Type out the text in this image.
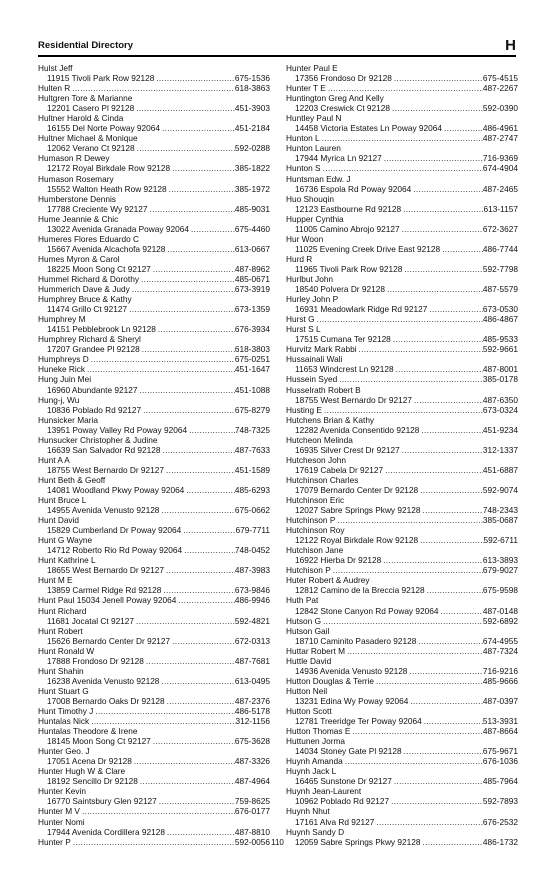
Residential Directory	H
Hulst Jeff
11915 Tivoli Park Row 92128 . . .	675-1536
Hulten R . . .	618-3863
Hultgren Tore & Marianne
12201 Casero Pl 92128 . . .	451-3903
Hultner Harold & Cinda
16155 Del Norte Poway 92064 . . .	451-2184
Hultner Michael & Monique
12062 Verano Ct 92128 . . .	592-0288
Humason R Dewey
12172 Royal Birkdale Row 92128 . . .	385-1822
Humason Rosemary
15552 Walton Heath Row 92128 . . .	385-1972
Humberstone Dennis
17788 Creciente Wy 92127 . . .	485-9031
Hume Jeannie & Chic
13022 Avenida Granada Poway 92064 . . .	675-4460
Humeres Flores Eduardo C
15667 Avenida Alcachofa 92128 . . .	613-0667
Humes Myron & Carol
18225 Moon Song Ct 92127 . . .	487-8962
Hummel Richard & Dorothy . . .	485-0671
Hummerich Dave & Judy . . .	673-3919
Humphrey Bruce & Kathy
11474 Grillo Ct 92127 . . .	673-1359
Humphrey M
14151 Pebblebrook Ln 92128 . . .	676-3934
Humphrey Richard & Sheryl
17207 Grandee Pl 92128 . . .	618-3803
Humphreys D . . .	675-0251
Huneke Rick . . .	451-1647
Hung Juin Mei
16960 Abundante 92127 . . .	451-1088
Hung-j, Wu
10836 Poblado Rd 92127 . . .	675-8279
Hunsicker Maria
13951 Poway Valley Rd Poway 92064 . . .	748-7325
Hunsucker Christopher & Judine
16639 San Salvador Rd 92128 . . .	487-7633
Hunt A A
18755 West Bernardo Dr 92127 . . .	451-1589
Hunt Beth & Geoff
14081 Woodland Pkwy Poway 92064 . . .	485-6293
Hunt Bruce L
14955 Avenida Venusto 92128 . . .	675-0662
Hunt David
15829 Cumberland Dr Poway 92064 . . .	679-7711
Hunt G Wayne
14712 Roberto Rio Rd Poway 92064 . . .	748-0452
Hunt Kathrine L
18655 West Bernardo Dr 92127 . . .	487-3983
Hunt M E
13859 Carmel Ridge Rd 92128 . . .	673-9846
Hunt Paul 15034 Jenell Poway 92064 . . .	486-9946
Hunt Richard
11681 Jocatal Ct 92127 . . .	592-4821
Hunt Robert
15626 Bernardo Center Dr 92127 . . .	672-0313
Hunt Ronald W
17888 Frondoso Dr 92128 . . .	487-7681
Hunt Shahin
16238 Avenida Venusto 92128 . . .	613-0495
Hunt Stuart G
17008 Bernardo Oaks Dr 92128 . . .	487-2376
Hunt Timothy J . . .	486-5178
Huntalas Nick . . .	312-1156
Huntalas Theodore & Irene
18145 Moon Song Ct 92127 . . .	675-3628
Hunter Geo. J
17051 Acena Dr 92128 . . .	487-3326
Hunter Hugh W & Clare
18192 Sencillo Dr 92128 . . .	487-4964
Hunter Kevin
16770 Saintsbury Glen 92127 . . .	759-8625
Hunter M V . . .	676-0177
Hunter Nomi
17944 Avenida Cordillera 92128 . . .	487-8810
Hunter P . . .	592-0056
Hunter Paul E
17356 Frondoso Dr 92128 . . .	675-4515
Hunter T E . . .	487-2267
Huntington Greg And Kelly
12203 Creswick Ct 92128 . . .	592-0390
Huntley Paul N
14458 Victoria Estates Ln Poway 92064 . . .	486-4961
Hunton L . . .	487-2747
Hunton Lauren
17944 Myrica Ln 92127 . . .	716-9369
Hunton S . . .	674-4904
Huntsman Edw. J
16736 Espola Rd Poway 92064 . . .	487-2465
Huo Shouqin
12123 Eastbourne Rd 92128 . . .	613-1157
Hupper Cynthia
11005 Camino Abrojo 92127 . . .	672-3627
Hur Woon
11025 Evening Creek Drive East 92128 . . .	486-7744
Hurd R
11965 Tivoli Park Row 92128 . . .	592-7798
Hurlbut John
18540 Polvera Dr 92128 . . .	487-5579
Hurley John P
16931 Meadowlark Ridge Rd 92127 . . .	673-0530
Hurst G . . .	486-4867
Hurst S L
17515 Cumana Ter 92128 . . .	485-9533
Hurvitz Mark Rabbi . . .	592-9661
Hussainali Wali
11653 Windcrest Ln 92128 . . .	487-8001
Hussein Syed . . .	385-0178
Husselrath Robert B
18755 West Bernardo Dr 92127 . . .	487-6350
Husting E . . .	673-0324
Hutchens Brian & Kathy
12282 Avenida Consentido 92128 . . .	451-9234
Hutcheon Melinda
16935 Silver Crest Dr 92127 . . .	312-1337
Hutcheson John
17619 Cabela Dr 92127 . . .	451-6887
Hutchinson Charles
17079 Bernardo Center Dr 92128 . . .	592-9074
Hutchinson Eric
12027 Sabre Springs Pkwy 92128 . . .	748-2343
Hutchinson P . . .	385-0687
Hutchinson Roy
12122 Royal Birkdale Row 92128 . . .	592-6711
Hutchison Jane
16922 Hierba Dr 92128 . . .	613-3893
Hutchison P . . .	679-9027
Huter Robert & Audrey
12812 Camino de la Breccia 92128 . . .	675-9598
Huth Pat
12842 Stone Canyon Rd Poway 92064 . . .	487-0148
Hutson G . . .	592-6892
Hutson Gail
18710 Caminito Pasadero 92128 . . .	674-4955
Huttar Robert M . . .	487-7324
Huttle David
14936 Avenida Venusto 92128 . . .	716-9216
Hutton Douglas & Terrie . . .	485-9666
Hutton Neil
13231 Edina Wy Poway 92064 . . .	487-0397
Hutton Scott
12781 Treeridge Ter Poway 92064 . . .	513-3931
Hutton Thomas E . . .	487-8664
Huttunen Jorma
14034 Stoney Gate Pl 92128 . . .	675-9671
Huynh Amanda . . .	676-1036
Huynh Jack L
16465 Sunstone Dr 92127 . . .	485-7964
Huynh Jean-Laurent
10962 Poblado Rd 92127 . . .	592-7893
Huynh Nhut
17161 Alva Rd 92127 . . .	676-2532
Huynh Sandy D
12059 Sabre Springs Pkwy 92128 . . .	486-1732
110
